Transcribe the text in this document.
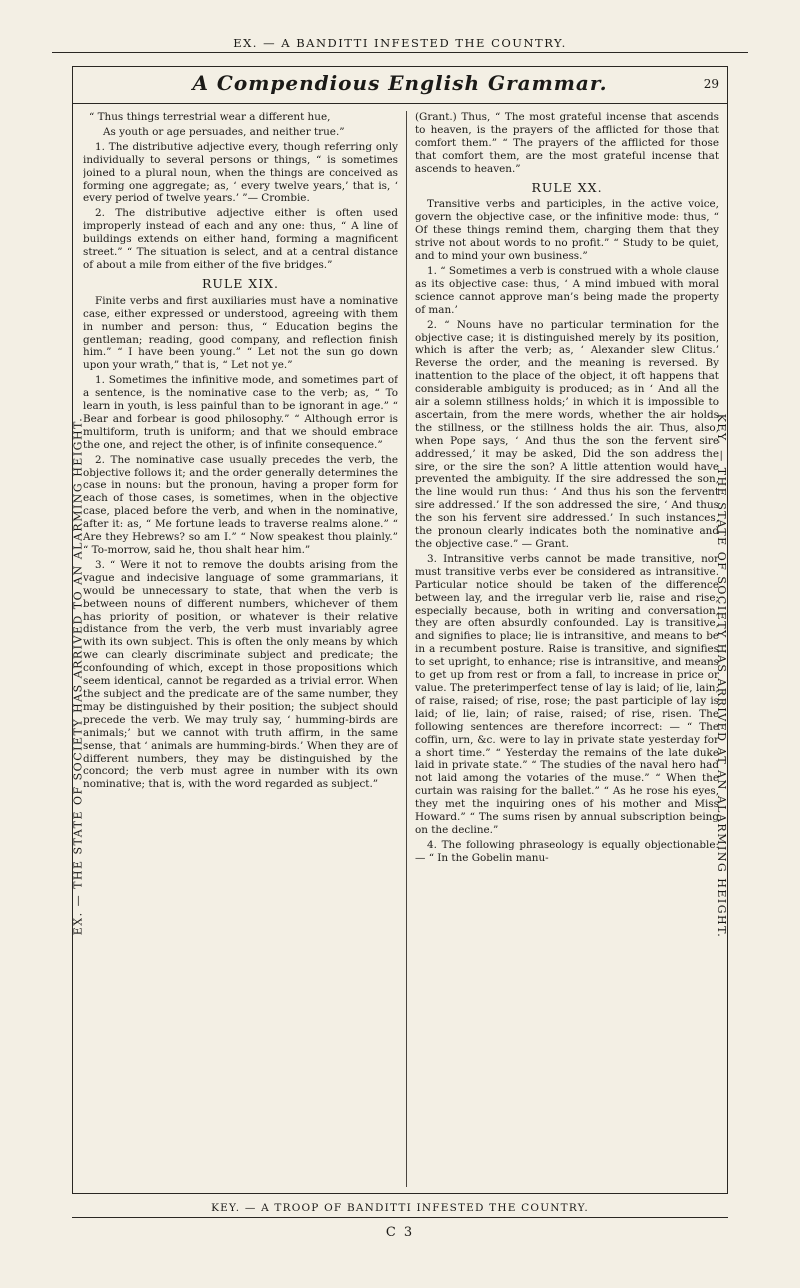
EX. — A BANDITTI INFESTED THE COUNTRY.
EX. — THE STATE OF SOCIETY HAS ARRIVED TO AN ALARMING HEIGHT.	KEY. — THE STATE OF SOCIETY HAS ARRIVED AT AN ALARMING HEIGHT.
A Compendious English Grammar.	29

“ Thus things terrestrial wear a different hue,

As youth or age persuades, and neither true.”

1. The distributive adjective every, though referring only individually to several persons or things, “ is sometimes joined to a plural noun, when the things are conceived as forming one aggregate; as, ‘ every twelve years,’ that is, ‘ every period of twelve years.’ ”— Crombie.

2. The distributive adjective either is often used improperly instead of each and any one: thus, “ A line of buildings extends on either hand, forming a magnificent street.” “ The situation is select, and at a central distance of about a mile from either of the five bridges.”

RULE XIX.

Finite verbs and first auxiliaries must have a nominative case, either expressed or understood, agreeing with them in number and person: thus, “ Education begins the gentleman; reading, good company, and reflection finish him.” “ I have been young.” “ Let not the sun go down upon your wrath,” that is, “ Let not ye.”

1. Sometimes the infinitive mode, and sometimes part of a sentence, is the nominative case to the verb; as, “ To learn in youth, is less painful than to be ignorant in age.” “ Bear and forbear is good philosophy.” “ Although error is multiform, truth is uniform; and that we should embrace the one, and reject the other, is of infinite consequence.”

2. The nominative case usually precedes the verb, the objective follows it; and the order generally determines the case in nouns: but the pronoun, having a proper form for each of those cases, is sometimes, when in the objective case, placed before the verb, and when in the nominative, after it: as, “ Me fortune leads to traverse realms alone.” “ Are they Hebrews? so am I.” “ Now speakest thou plainly.” “ To-morrow, said he, thou shalt hear him.”

3. “ Were it not to remove the doubts arising from the vague and indecisive language of some grammarians, it would be unnecessary to state, that when the verb is between nouns of different numbers, whichever of them has priority of position, or whatever is their relative distance from the verb, the verb must invariably agree with its own subject. This is often the only means by which we can clearly discriminate subject and predicate; the confounding of which, except in those propositions which seem identical, cannot be regarded as a trivial error. When the subject and the predicate are of the same number, they may be distinguished by their position; the subject should precede the verb. We may truly say, ‘ humming-birds are animals;’ but we cannot with truth affirm, in the same sense, that ‘ animals are humming-birds.’ When they are of different numbers, they may be distinguished by the concord; the verb must agree in number with its own nominative; that is, with the word regarded as subject.”

(Grant.) Thus, “ The most grateful incense that ascends to heaven, is the prayers of the afflicted for those that comfort them.” “ The prayers of the afflicted for those that comfort them, are the most grateful incense that ascends to heaven.”

RULE XX.

Transitive verbs and participles, in the active voice, govern the objective case, or the infinitive mode: thus, “ Of these things remind them, charging them that they strive not about words to no profit.” “ Study to be quiet, and to mind your own business.”

1. “ Sometimes a verb is construed with a whole clause as its objective case: thus, ‘ A mind imbued with moral science cannot approve man’s being made the property of man.’

2. “ Nouns have no particular termination for the objective case; it is distinguished merely by its position, which is after the verb; as, ‘ Alexander slew Clitus.’ Reverse the order, and the meaning is reversed. By inattention to the place of the object, it oft happens that considerable ambiguity is produced; as in ‘ And all the air a solemn stillness holds;’ in which it is impossible to ascertain, from the mere words, whether the air holds the stillness, or the stillness holds the air. Thus, also, when Pope says, ‘ And thus the son the fervent sire addressed,’ it may be asked, Did the son address the sire, or the sire the son? A little attention would have prevented the ambiguity. If the sire addressed the son, the line would run thus: ‘ And thus his son the fervent sire addressed.’ If the son addressed the sire, ‘ And thus the son his fervent sire addressed.’ In such instances, the pronoun clearly indicates both the nominative and the objective case.” — Grant.

3. Intransitive verbs cannot be made transitive, nor must transitive verbs ever be considered as intransitive. Particular notice should be taken of the difference between lay, and the irregular verb lie, raise and rise; especially because, both in writing and conversation, they are often absurdly confounded. Lay is transitive, and signifies to place; lie is intransitive, and means to be in a recumbent posture. Raise is transitive, and signifies to set upright, to enhance; rise is intransitive, and means to get up from rest or from a fall, to increase in price or value. The preterimperfect tense of lay is laid; of lie, lain; of raise, raised; of rise, rose; the past participle of lay is laid; of lie, lain; of raise, raised; of rise, risen. The following sentences are therefore incorrect: — “ The coffin, urn, &c. were to lay in private state yesterday for a short time.” “ Yesterday the remains of the late duke laid in private state.” “ The studies of the naval hero had not laid among the votaries of the muse.” “ When the curtain was raising for the ballet.” “ As he rose his eyes, they met the inquiring ones of his mother and Miss Howard.” “ The sums risen by annual subscription being on the decline.”

4. The following phraseology is equally objectionable: — “ In the Gobelin manu-

KEY. — A TROOP OF BANDITTI INFESTED THE COUNTRY.
C 3
